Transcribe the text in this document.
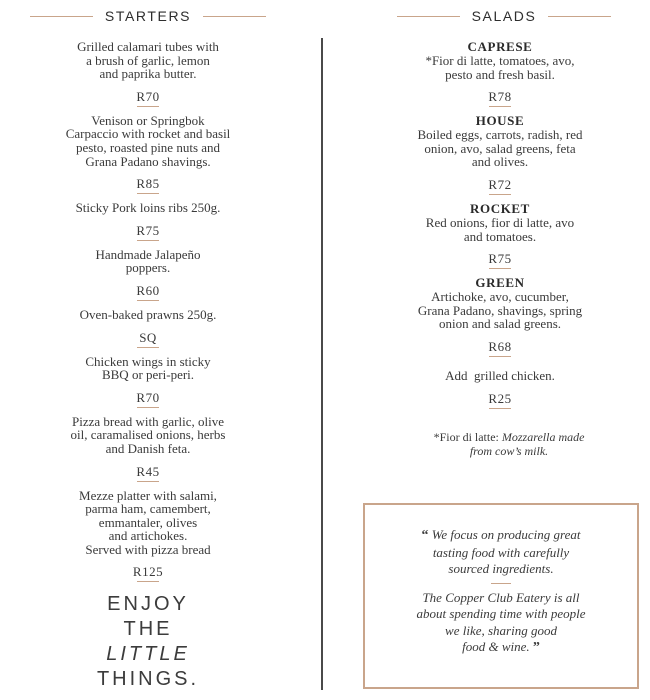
STARTERS	SALADS
Grilled calamari tubes with
a brush of garlic, lemon
and paprika butter.
R70
Venison or Springbok
Carpaccio with rocket and basil
pesto, roasted pine nuts and
Grana Padano shavings.
R85
Sticky Pork loins ribs 250g.
R75
Handmade Jalapeño
poppers.
R60
Oven-baked prawns 250g.
SQ
Chicken wings in sticky
BBQ or peri-peri.
R70
Pizza bread with garlic, olive
oil, caramalised onions, herbs
and Danish feta.
R45
Mezze platter with salami,
parma ham, camembert,
emmantaler, olives
and artichokes.
Served with pizza bread
R125
ENJOY
THE
LITTLE
THINGS.
CAPRESE
*Fior di latte, tomatoes, avo,
pesto and fresh basil.
R78
HOUSE
Boiled eggs, carrots, radish, red
onion, avo, salad greens, feta
and olives.
R72
ROCKET
Red onions, fior di latte, avo
and tomatoes.
R75
GREEN
Artichoke, avo, cucumber,
Grana Padano, shavings, spring
onion and salad greens.
R68
Add  grilled chicken.
R25
*Fior di latte: Mozzarella made
from cow’s milk.
“ We focus on producing great
tasting food with carefully
sourced ingredients.
The Copper Club Eatery is all
about spending time with people
we like, sharing good
food & wine. ”
